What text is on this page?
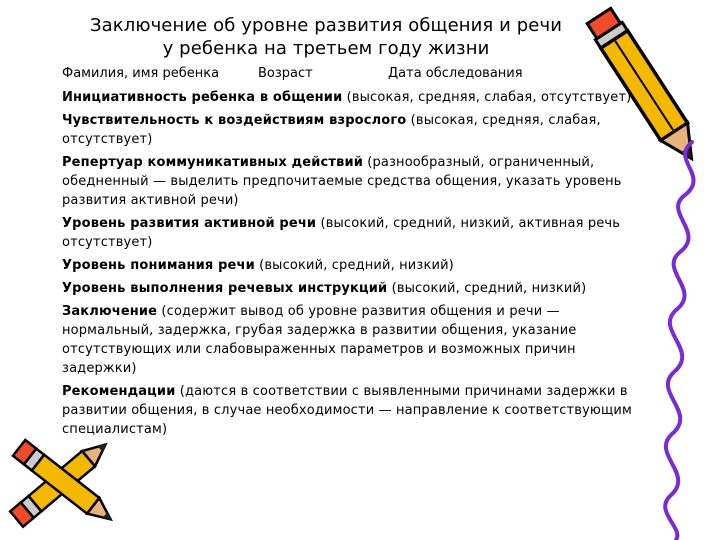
Заключение об уровне развития общения и речи
у ребенка на третьем году жизни
Фамилия, имя ребенка	Возраст	Дата обследования

Инициативность ребенка в общении (высокая, средняя, слабая, отсутствует)

Чувствительность к воздействиям взрослого (высокая, средняя, слабая, отсутствует)

Репертуар коммуникативных действий (разнообразный, ограниченный, обедненный — выделить предпочитаемые средства общения, указать уровень развития активной речи)

Уровень развития активной речи (высокий, средний, низкий, активная речь отсутствует)

Уровень понимания речи (высокий, средний, низкий)

Уровень выполнения речевых инструкций (высокий, средний, низкий)

Заключение (содержит вывод об уровне развития общения и речи — нормальный, задержка, грубая задержка в развитии общения, указание отсутствующих или слабовыраженных параметров и возможных причин задержки)

Рекомендации (даются в соответствии с выявленными причинами задержки в развитии общения, в случае необходимости — направление к соответствующим специалистам)
